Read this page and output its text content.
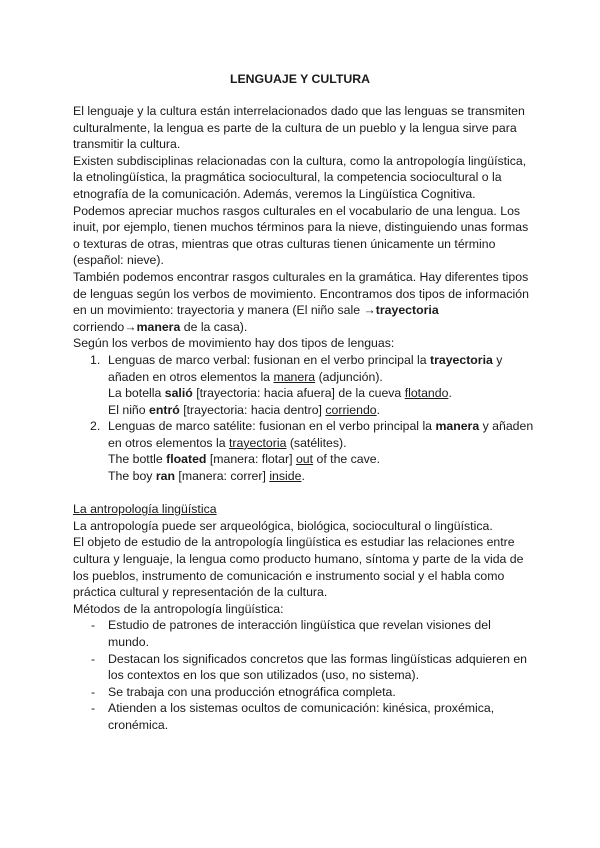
LENGUAJE Y CULTURA

El lenguaje y la cultura están interrelacionados dado que las lenguas se transmiten culturalmente, la lengua es parte de la cultura de un pueblo y la lengua sirve para transmitir la cultura.

Existen subdisciplinas relacionadas con la cultura, como la antropología lingüística, la etnolingüística, la pragmática sociocultural, la competencia sociocultural o la etnografía de la comunicación. Además, veremos la Lingüística Cognitiva.

Podemos apreciar muchos rasgos culturales en el vocabulario de una lengua. Los inuit, por ejemplo, tienen muchos términos para la nieve, distinguiendo unas formas o texturas de otras, mientras que otras culturas tienen únicamente un término (español: nieve).

También podemos encontrar rasgos culturales en la gramática. Hay diferentes tipos de lenguas según los verbos de movimiento. Encontramos dos tipos de información en un movimiento: trayectoria y manera (El niño sale →trayectoria
corriendo→manera de la casa).

Según los verbos de movimiento hay dos tipos de lenguas:

1. Lenguas de marco verbal: fusionan en el verbo principal la trayectoria y añaden en otros elementos la manera (adjunción).
La botella salió [trayectoria: hacia afuera] de la cueva flotando.
El niño entró [trayectoria: hacia dentro] corriendo.
2. Lenguas de marco satélite: fusionan en el verbo principal la manera y añaden en otros elementos la trayectoria (satélites).
The bottle floated [manera: flotar] out of the cave.
The boy ran [manera: correr] inside.

La antropología lingüística

La antropología puede ser arqueológica, biológica, sociocultural o lingüística.

El objeto de estudio de la antropología lingüística es estudiar las relaciones entre cultura y lenguaje, la lengua como producto humano, síntoma y parte de la vida de los pueblos, instrumento de comunicación e instrumento social y el habla como práctica cultural y representación de la cultura.

Métodos de la antropología lingüística:

- Estudio de patrones de interacción lingüística que revelan visiones del mundo.
- Destacan los significados concretos que las formas lingüísticas adquieren en los contextos en los que son utilizados (uso, no sistema).
- Se trabaja con una producción etnográfica completa.
- Atienden a los sistemas ocultos de comunicación: kinésica, proxémica, cronémica.
